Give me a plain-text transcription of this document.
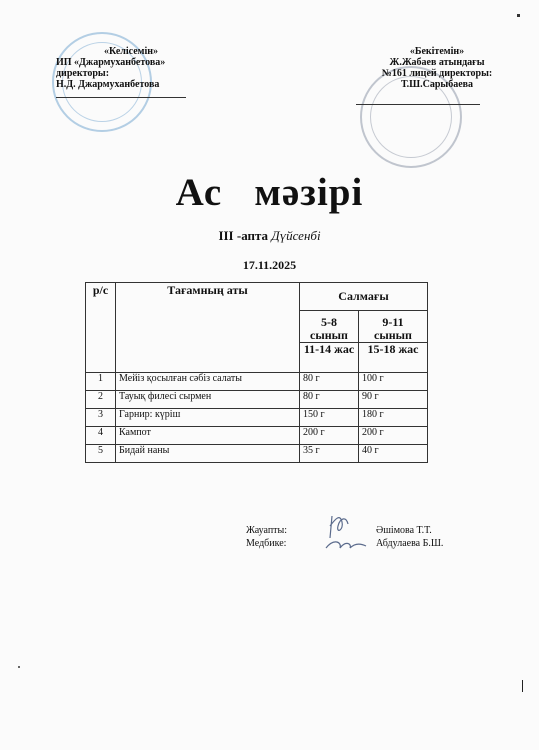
«Келісемін»
ИП «Джармуханбетова»
директоры:
Н.Д. Джармуханбетова
«Бекітемін»
Ж.Жабаев атындағы
№161 лицей директоры:
Т.Ш.Сарыбаева
Ас   мәзірі
III -апта Дүйсенбі
17.11.2025
р/с	Тағамның аты	Салмағы	
		5-8 сынып	9-11 сынып
		11-14 жас	15-18 жас
1	Мейіз қосылған сәбіз салаты	80 г	100 г
2	Тауық филесі сырмен	80 г	90 г
3	Гарнир: күріш	150 г	180 г
4	Кампот	200 г	200 г
5	Бидай наны	35 г	40 г
Жауапты:
Медбике:
Әшімова Т.Т.
Абдулаева Б.Ш.
